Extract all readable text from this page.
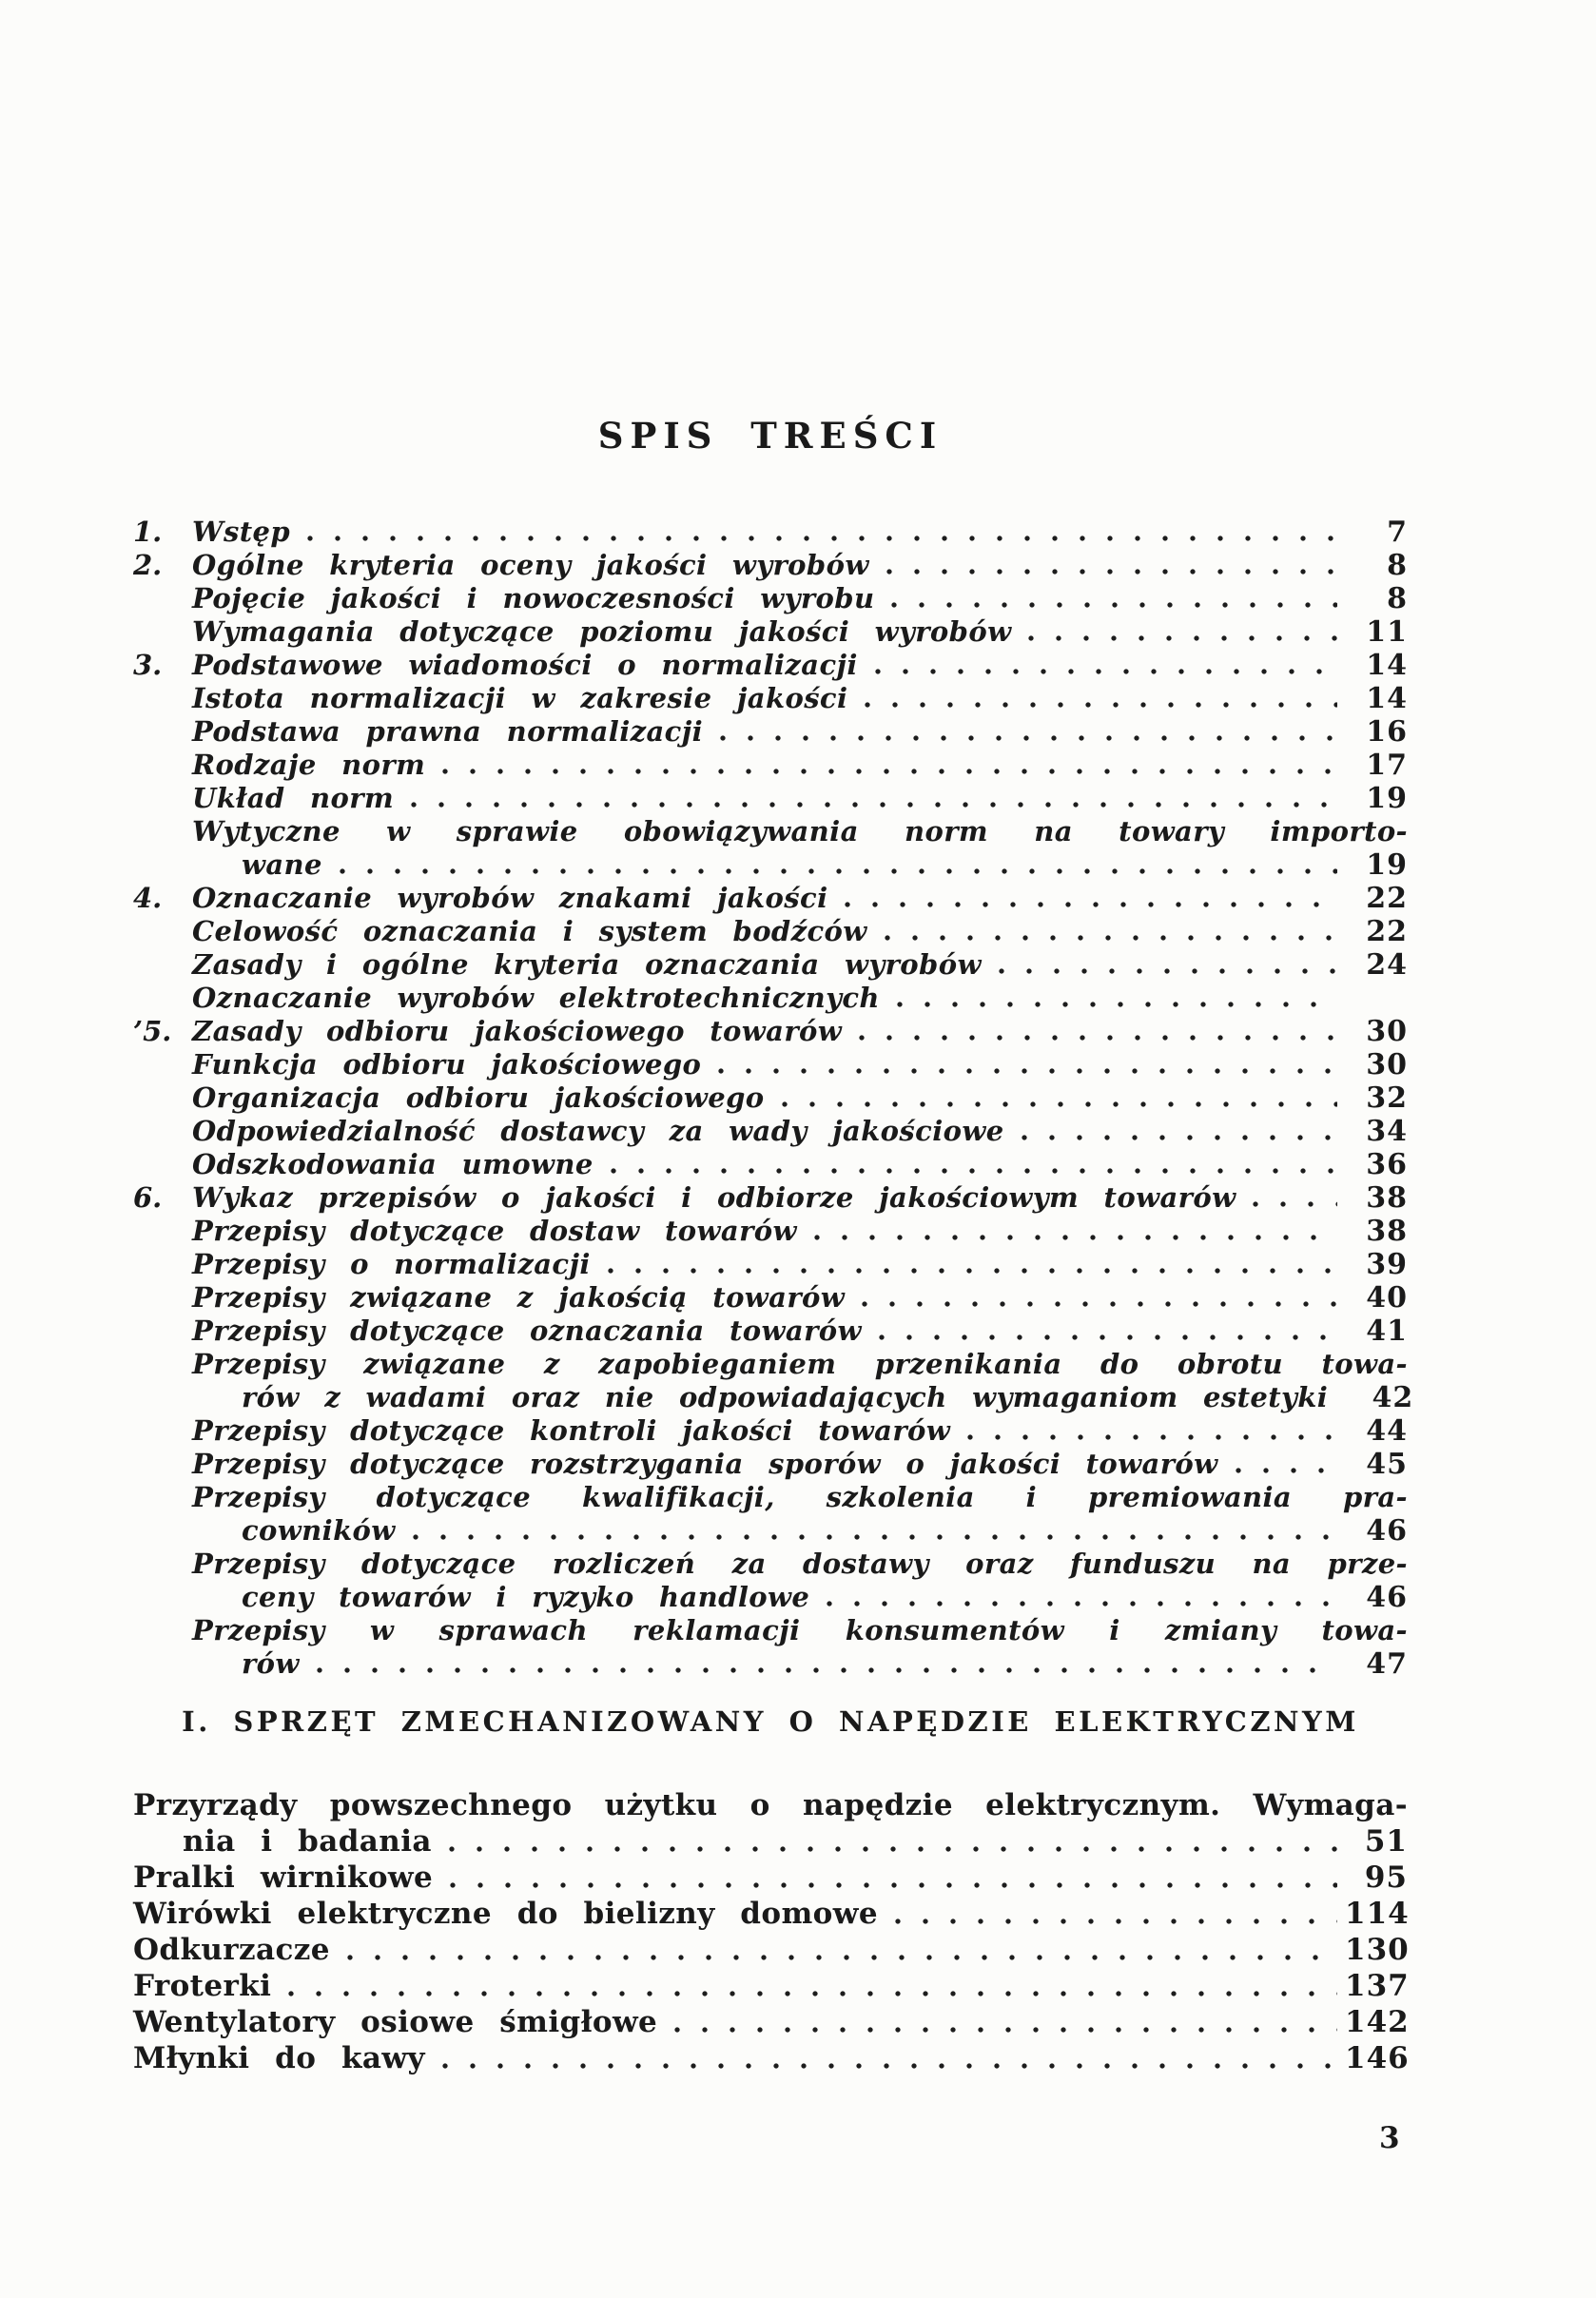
SPIS TREŚCI
1.	Wstęp	7
2.	Ogólne kryteria oceny jakości wyrobów	8
Pojęcie jakości i nowoczesności wyrobu	8
Wymagania dotyczące poziomu jakości wyrobów	11
3.	Podstawowe wiadomości o normalizacji	14
Istota normalizacji w zakresie jakości	14
Podstawa prawna normalizacji	16
Rodzaje norm	17
Układ norm	19
Wytyczne w sprawie obowiązywania norm na towary importo-
wane	19
4.	Oznaczanie wyrobów znakami jakości	22
Celowość oznaczania i system bodźców	22
Zasady i ogólne kryteria oznaczania wyrobów	24
Oznaczanie wyrobów elektrotechnicznych
’5. Zasady odbioru jakościowego towarów	30
Funkcja odbioru jakościowego	30
Organizacja odbioru jakościowego	32
Odpowiedzialność dostawcy za wady jakościowe	34
Odszkodowania umowne	36
6.	Wykaz przepisów o jakości i odbiorze jakościowym towarów	38
Przepisy dotyczące dostaw towarów	38
Przepisy o normalizacji	39
Przepisy związane z jakością towarów	40
Przepisy dotyczące oznaczania towarów	41
Przepisy związane z zapobieganiem przenikania do obrotu towa-
rów z wadami oraz nie odpowiadających wymaganiom estetyki	42
Przepisy dotyczące kontroli jakości towarów	44
Przepisy dotyczące rozstrzygania sporów o jakości towarów	45
Przepisy dotyczące kwalifikacji, szkolenia i premiowania pra-
cowników	46
Przepisy dotyczące rozliczeń za dostawy oraz funduszu na prze-
ceny towarów i ryzyko handlowe	46
Przepisy w sprawach reklamacji konsumentów i zmiany towa-
rów	47
I. SPRZĘT ZMECHANIZOWANY O NAPĘDZIE ELEKTRYCZNYM
Przyrządy powszechnego użytku o napędzie elektrycznym. Wymaga-
nia i badania	51
Pralki wirnikowe	95
Wirówki elektryczne do bielizny domowe	114
Odkurzacze	130
Froterki	137
Wentylatory osiowe śmigłowe	142
Młynki do kawy	146
3
